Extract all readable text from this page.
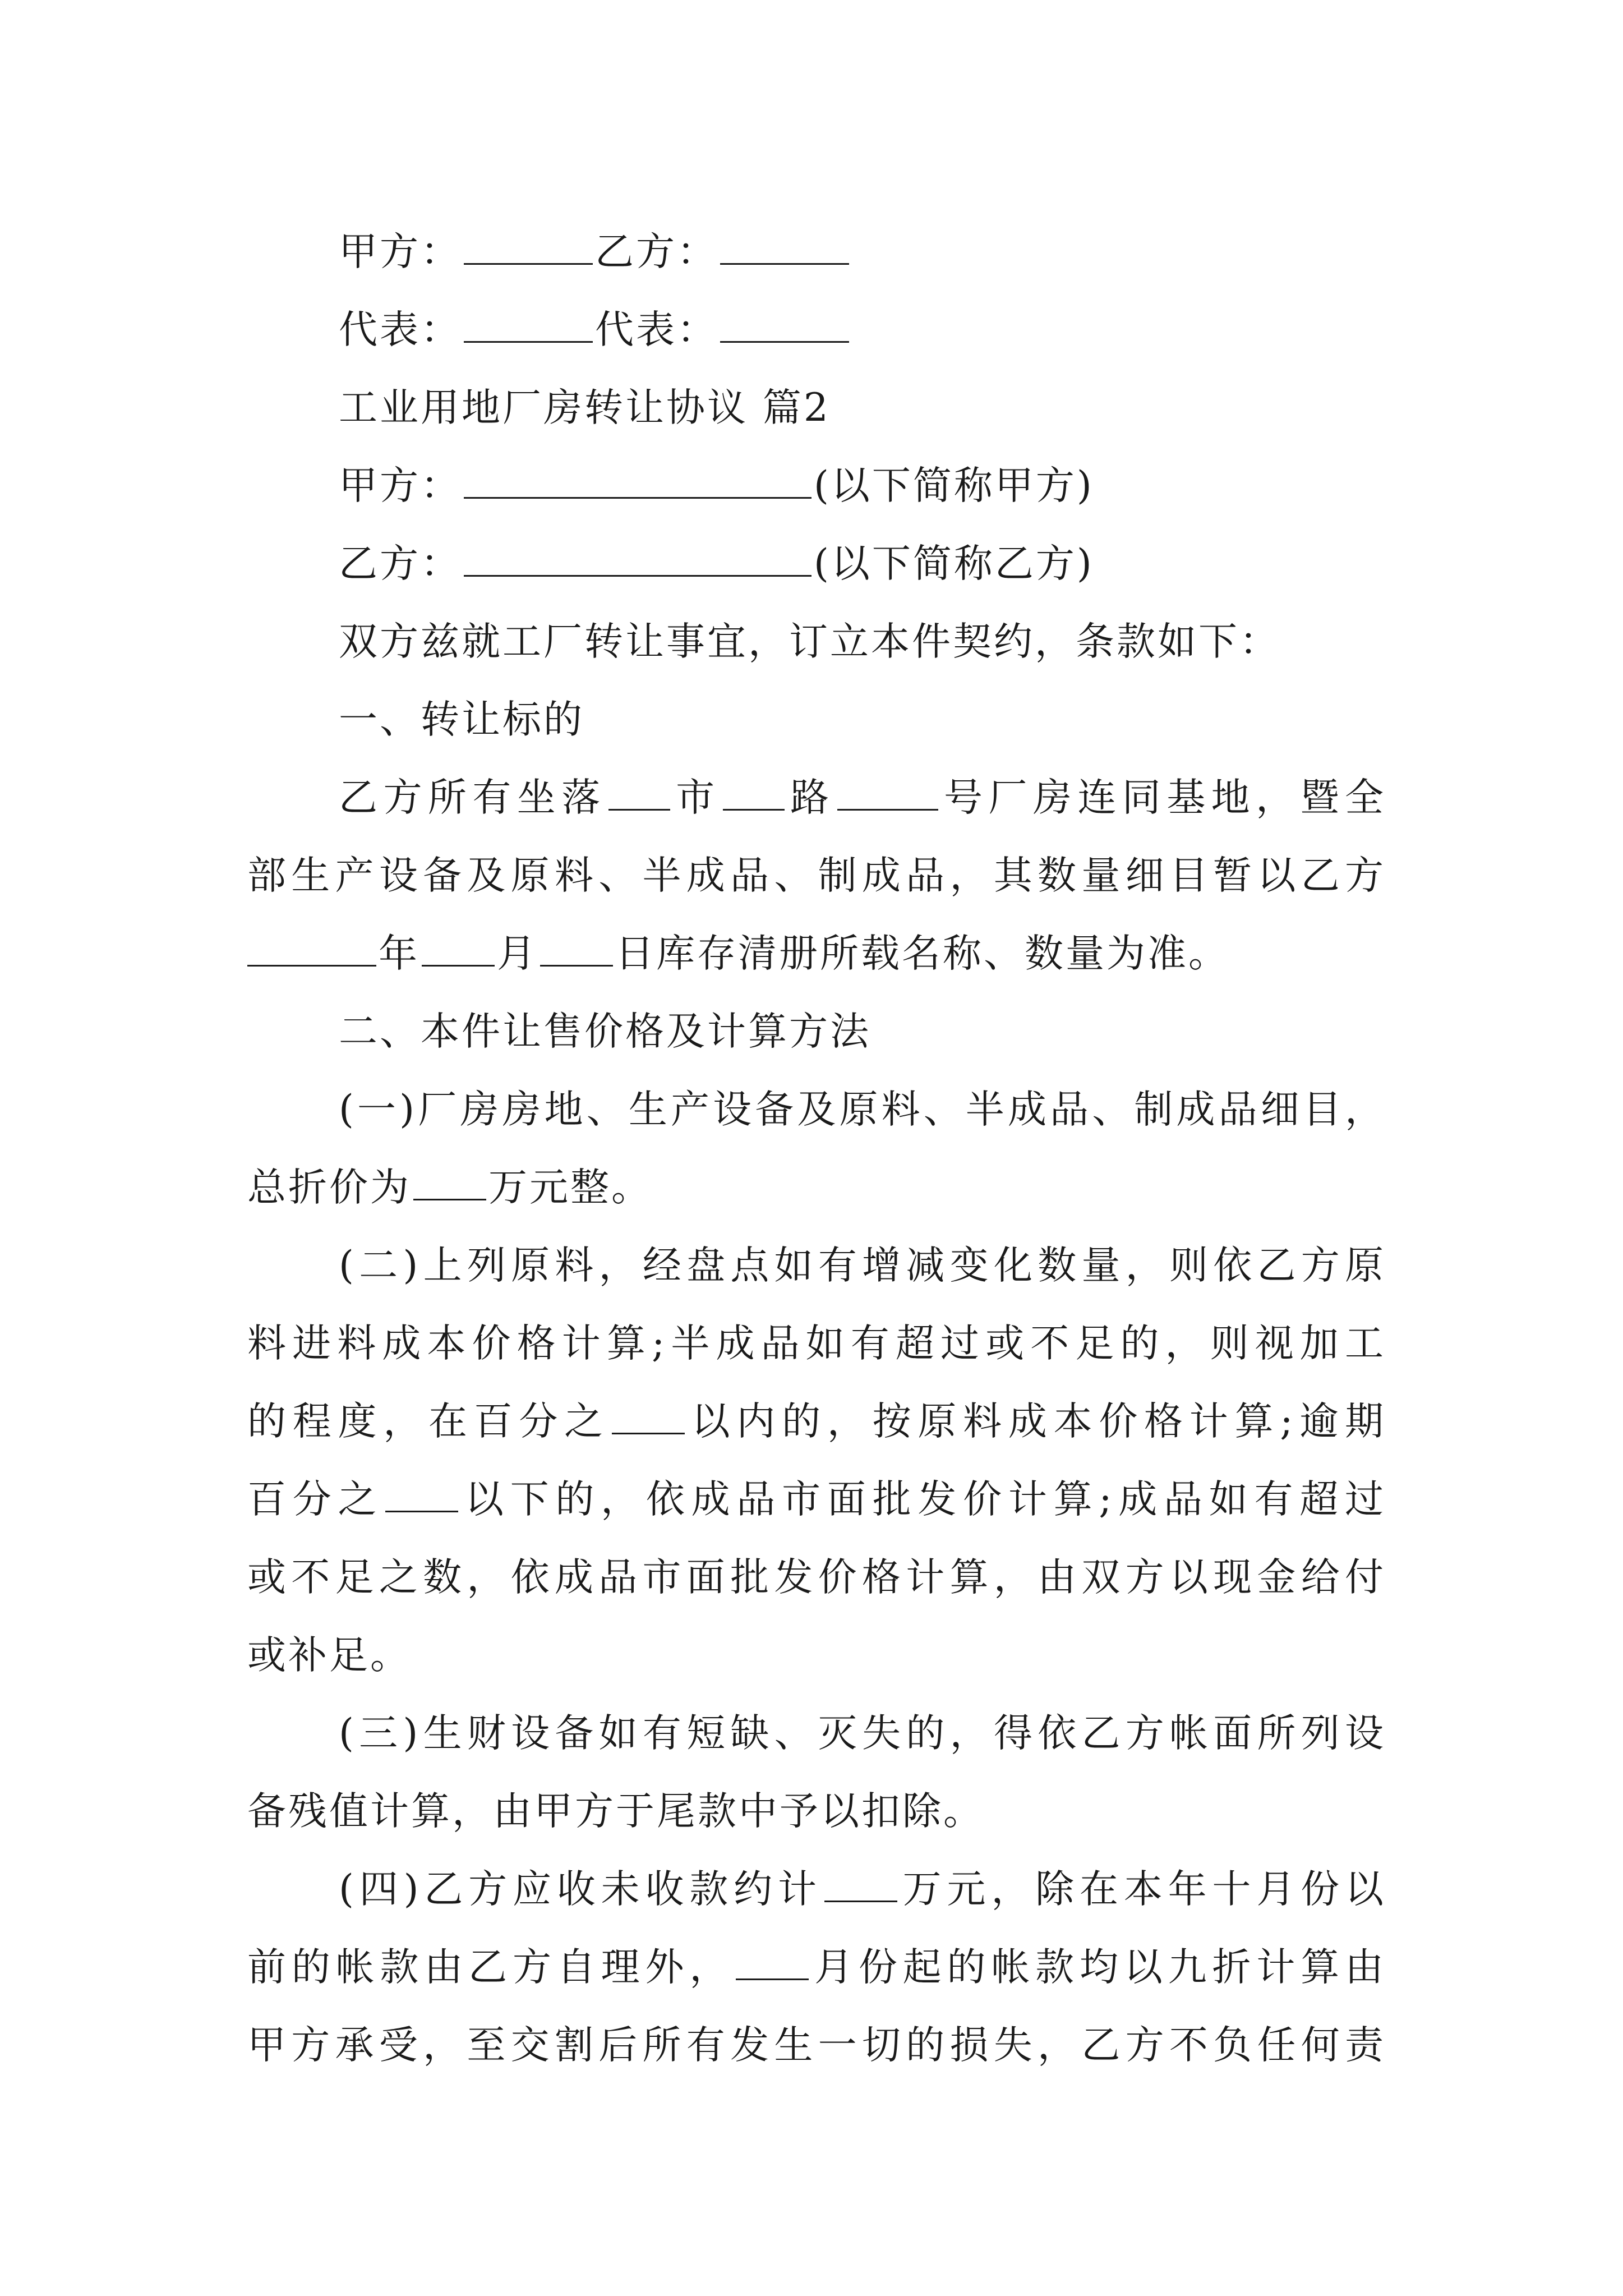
甲方：	乙方：
代表：	代表：
工业用地厂房转让协议 篇2
甲方：	(以下简称甲方)
乙方：	(以下简称乙方)
双方兹就工厂转让事宜，订立本件契约，条款如下：
一、转让标的
乙方所有坐落 市 路	号厂房连同基地，暨全
部生产设备及原料、半成品、制成品，其数量细目暂以乙方
年 月 日库存清册所载名称、数量为准。
二、本件让售价格及计算方法
(一)厂房房地、生产设备及原料、半成品、制成品细目，
总折价为 万元整。
(二)上列原料，经盘点如有增减变化数量，则依乙方原
料进料成本价格计算;半成品如有超过或不足的，则视加工
的程度，在百分之 以内的，按原料成本价格计算;逾期
百分之 以下的，依成品市面批发价计算;成品如有超过
或不足之数，依成品市面批发价格计算，由双方以现金给付
或补足。
(三)生财设备如有短缺、灭失的，得依乙方帐面所列设
备残值计算，由甲方于尾款中予以扣除。
(四)乙方应收未收款约计 万元，除在本年十月份以
前的帐款由乙方自理外， 月份起的帐款均以九折计算由
甲方承受，至交割后所有发生一切的损失，乙方不负任何责
